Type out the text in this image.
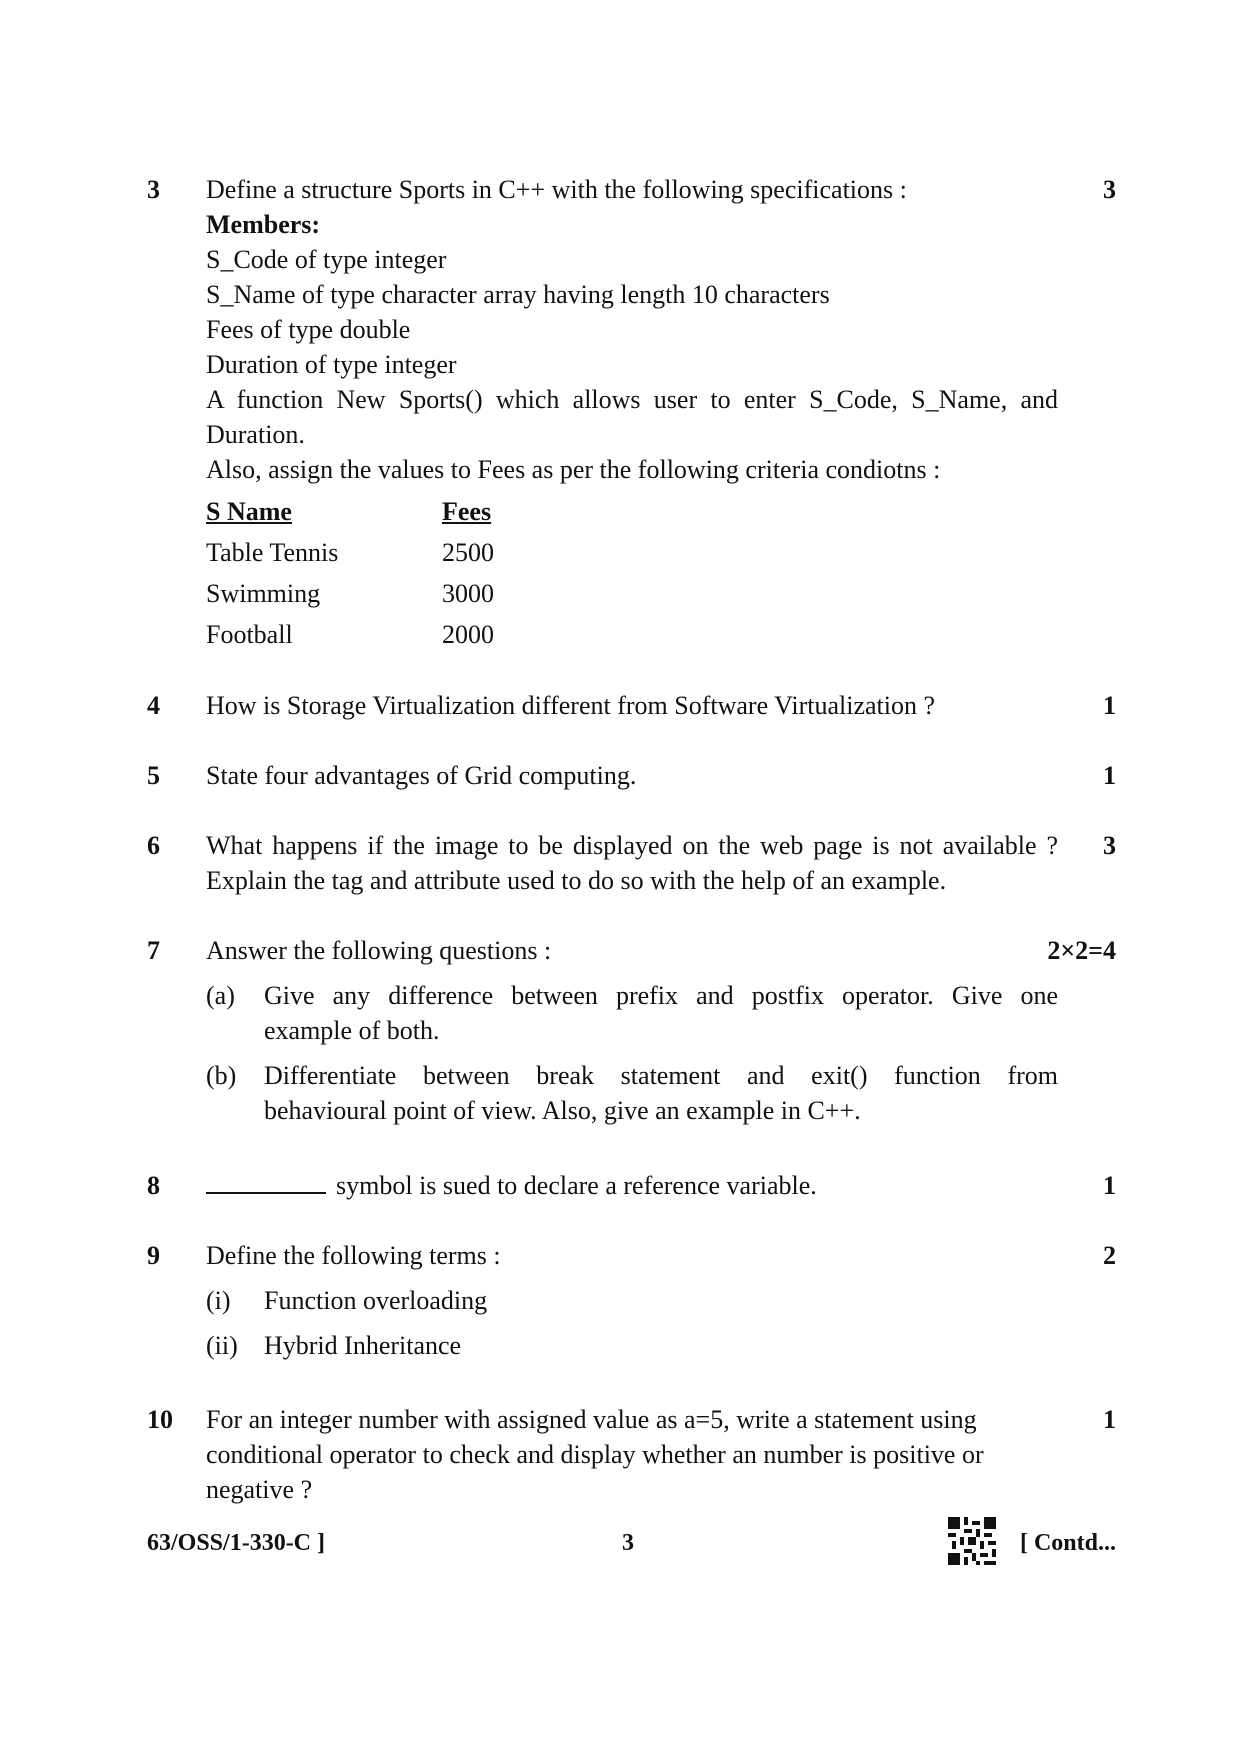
3 Define a structure Sports in C++ with the following specifications :
Members:
S_Code of type integer
S_Name of type character array having length 10 characters
Fees of type double
Duration of type integer
A function New Sports() which allows user to enter S_Code, S_Name, and
Duration.
Also, assign the values to Fees as per the following criteria condiotns :
S Name	Fees
Table Tennis	2500
Swimming	3000
Football	2000
3
4 How is Storage Virtualization different from Software Virtualization ?	1
5 State four advantages of Grid computing.	1
6 What happens if the image to be displayed on the web page is not available ?
Explain the tag and attribute used to do so with the help of an example.
3
7 Answer the following questions :
(a) Give any difference between prefix and postfix operator. Give one
example of both.
(b) Differentiate between break statement and exit() function from
behavioural point of view. Also, give an example in C++.
2×2=4
8	symbol is sued to declare a reference variable.	1
9 Define the following terms :
(i) Function overloading
(ii) Hybrid Inheritance
2
10 For an integer number with assigned value as a=5, write a statement using
conditional operator to check and display whether an number is positive or
negative ?
1
63/OSS/1-330-C ]	3	[ Contd...
